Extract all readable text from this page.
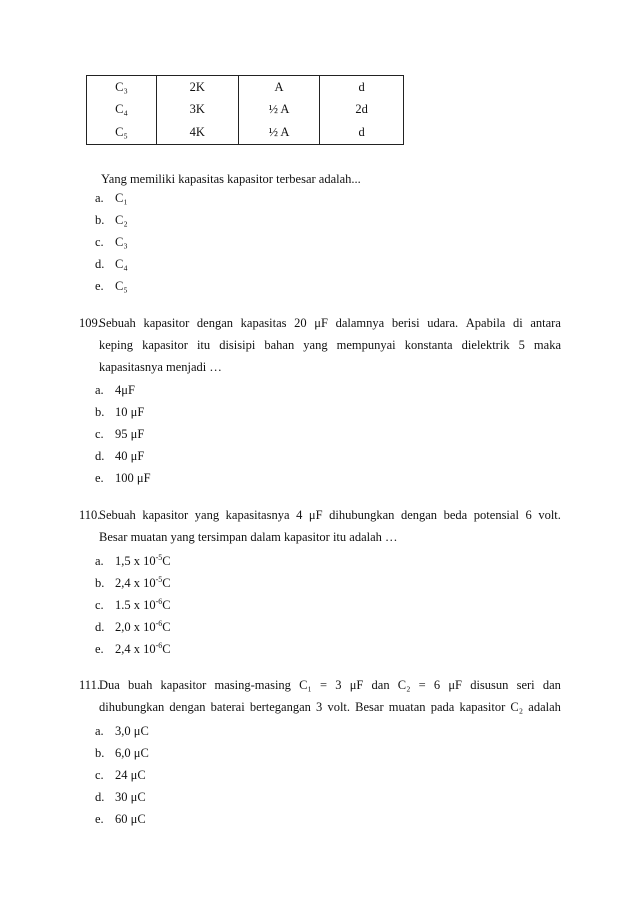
C₃	2K	A	d
C₄	3K	½ A	2d
C₅	4K	½ A	d
Yang memiliki kapasitas kapasitor terbesar adalah...
a. C₁
b. C₂
c. C₃
d. C₄
e. C₅
109.
Sebuah kapasitor dengan kapasitas 20 μF dalamnya berisi udara. Apabila di antara
keping kapasitor itu disisipi bahan yang mempunyai konstanta dielektrik 5 maka
kapasitasnya menjadi …
a. 4μF
b. 10 μF
c. 95 μF
d. 40 μF
e. 100 μF
110.
Sebuah kapasitor yang kapasitasnya 4 μF dihubungkan dengan beda potensial 6 volt.
Besar muatan yang tersimpan dalam kapasitor itu adalah …
a. 1,5 x $10^{-5}C$
b. 2,4 x $10^{-5}C$
c. 1.5 x $10^{-6}C$
d. 2,0 x $10^{-6}C$
e. 2,4 x $10^{-6}C$
111. Dua buah kapasitor masing-masing C₁ = 3 μF dan C₂ = 6 μF disusun seri dan
dihubungkan dengan baterai bertegangan 3 volt. Besar muatan pada kapasitor C₂ adalah
a. 3,0 μC
b. 6,0 μC
c. 24 μC
d. 30 μC
e. 60 μC
